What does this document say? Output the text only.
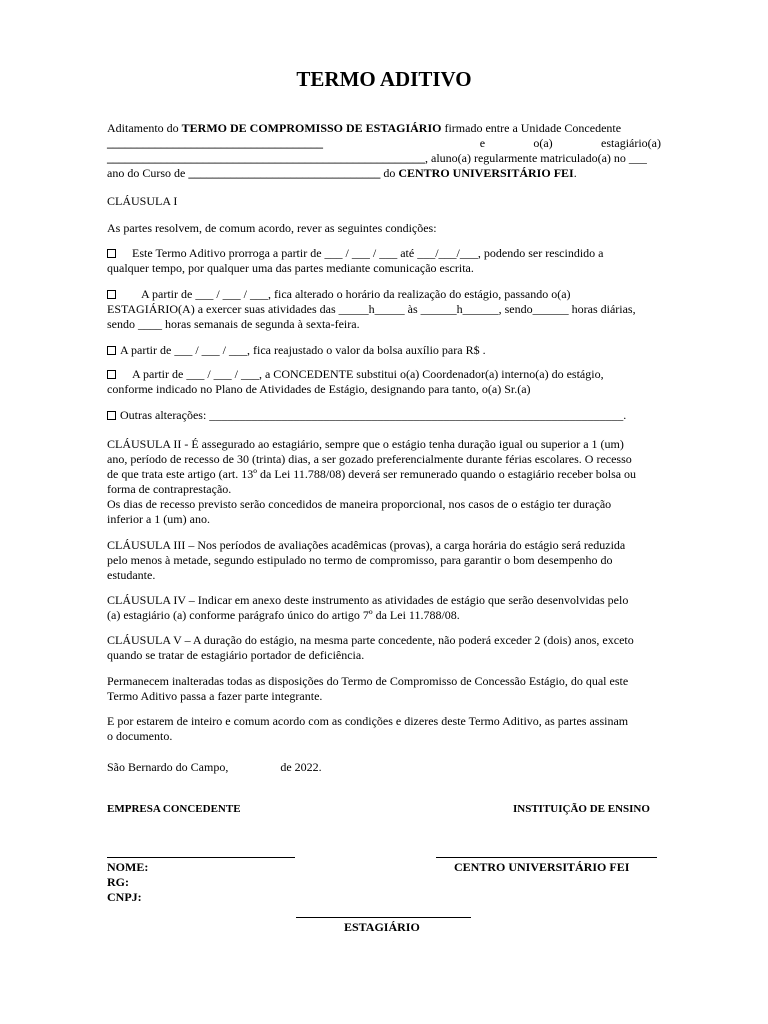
TERMO ADITIVO
Aditamento do TERMO DE COMPROMISSO DE ESTAGIÁRIO firmado entre a Unidade Concedente
____________________________________	e	o(a)	estagiário(a)
_____________________________________________________, aluno(a) regularmente matriculado(a) no ___
ano do Curso de ________________________________ do CENTRO UNIVERSITÁRIO FEI.
CLÁUSULA I
As partes resolvem, de comum acordo, rever as seguintes condições:
Este Termo Aditivo prorroga a partir de ___ / ___ / ___ até ___/___/___, podendo ser rescindido a
qualquer tempo, por qualquer uma das partes mediante comunicação escrita.
A partir de ___ / ___ / ___, fica alterado o horário da realização do estágio, passando o(a)
ESTAGIÁRIO(A) a exercer suas atividades das _____h_____ às ______h______, sendo______ horas diárias,
sendo ____ horas semanais de segunda à sexta-feira.
A partir de ___ / ___ / ___, fica reajustado o valor da bolsa auxílio para R$ .
A partir de ___ / ___ / ___, a CONCEDENTE substitui o(a) Coordenador(a) interno(a) do estágio,
conforme indicado no Plano de Atividades de Estágio, designando para tanto, o(a) Sr.(a)
Outras alterações: _____________________________________________________________________.
CLÁUSULA II - É assegurado ao estagiário, sempre que o estágio tenha duração igual ou superior a 1 (um)
ano, período de recesso de 30 (trinta) dias, a ser gozado preferencialmente durante férias escolares. O recesso
de que trata este artigo (art. 13º da Lei 11.788/08) deverá ser remunerado quando o estagiário receber bolsa ou
forma de contraprestação.
Os dias de recesso previsto serão concedidos de maneira proporcional, nos casos de o estágio ter duração
inferior a 1 (um) ano.
CLÁUSULA III – Nos períodos de avaliações acadêmicas (provas), a carga horária do estágio será reduzida
pelo menos à metade, segundo estipulado no termo de compromisso, para garantir o bom desempenho do
estudante.
CLÁUSULA IV – Indicar em anexo deste instrumento as atividades de estágio que serão desenvolvidas pelo
(a) estagiário (a) conforme parágrafo único do artigo 7º da Lei 11.788/08.
CLÁUSULA V – A duração do estágio, na mesma parte concedente, não poderá exceder 2 (dois) anos, exceto
quando se tratar de estagiário portador de deficiência.
Permanecem inalteradas todas as disposições do Termo de Compromisso de Concessão Estágio, do qual este
Termo Aditivo passa a fazer parte integrante.
E por estarem de inteiro e comum acordo com as condições e dizeres deste Termo Aditivo, as partes assinam
o documento.
São Bernardo do Campo,	de 2022.
EMPRESA CONCEDENTE	INSTITUIÇÃO DE ENSINO
NOME:
RG:
CNPJ:
CENTRO UNIVERSITÁRIO FEI
ESTAGIÁRIO
